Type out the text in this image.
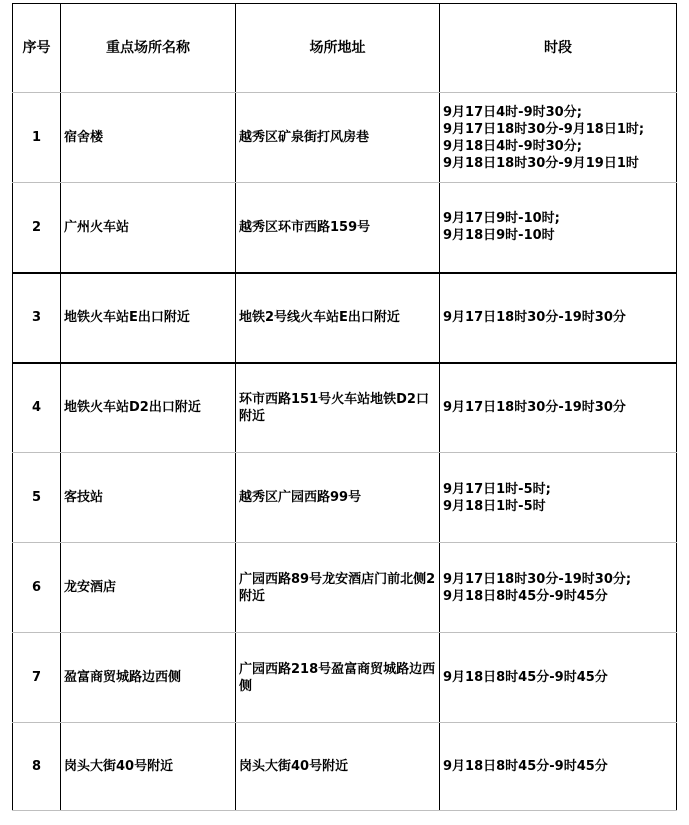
序号	重点场所名称	场所地址	时段
1	宿舍楼	越秀区矿泉街打风房巷	9月17日4时-9时30分;
9月17日18时30分-9月18日1时;
9月18日4时-9时30分;
9月18日18时30分-9月19日1时

2	广州火车站	越秀区环市西路159号	9月17日9时-10时;
9月18日9时-10时

3	地铁火车站E出口附近	地铁2号线火车站E出口附近	9月17日18时30分-19时30分

4	地铁火车站D2出口附近	环市西路151号火车站地铁D2口附近	9月17日18时30分-19时30分

5	客技站	越秀区广园西路99号	9月17日1时-5时;
9月18日1时-5时

6	龙安酒店	广园西路89号龙安酒店门前北侧2附近	9月17日18时30分-19时30分;
9月18日8时45分-9时45分

7	盈富商贸城路边西侧	广园西路218号盈富商贸城路边西侧	9月18日8时45分-9时45分

8	岗头大街40号附近	岗头大街40号附近	9月18日8时45分-9时45分
